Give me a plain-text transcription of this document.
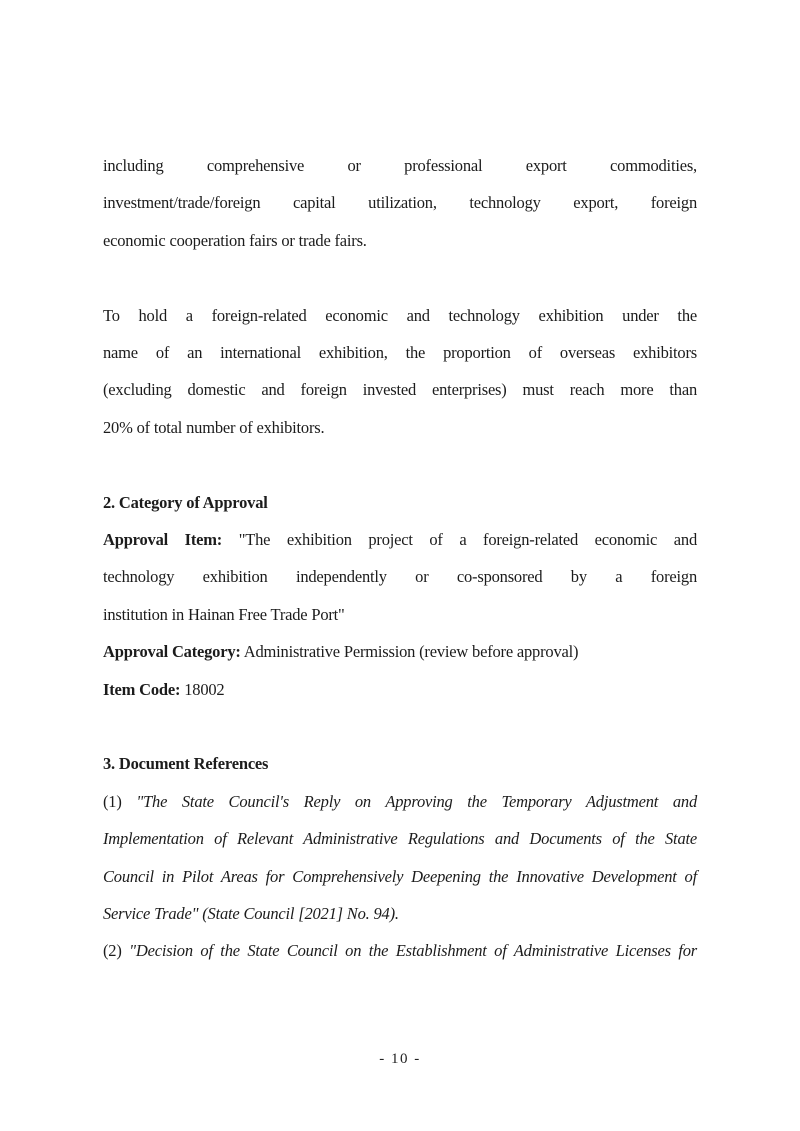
including comprehensive or professional export commodities,
investment/trade/foreign capital utilization, technology export, foreign
economic cooperation fairs or trade fairs.
To hold a foreign-related economic and technology exhibition under the
name of an international exhibition, the proportion of overseas exhibitors
(excluding domestic and foreign invested enterprises) must reach more than
20% of total number of exhibitors.
2. Category of Approval
Approval Item: "The exhibition project of a foreign-related economic and
technology exhibition independently or co-sponsored by a foreign
institution in Hainan Free Trade Port"
Approval Category: Administrative Permission (review before approval)
Item Code: 18002
3. Document References
(1) "The State Council's Reply on Approving the Temporary Adjustment and
Implementation of Relevant Administrative Regulations and Documents of the State
Council in Pilot Areas for Comprehensively Deepening the Innovative Development of
Service Trade" (State Council [2021] No. 94).
(2) "Decision of the State Council on the Establishment of Administrative Licenses for
- 10 -
